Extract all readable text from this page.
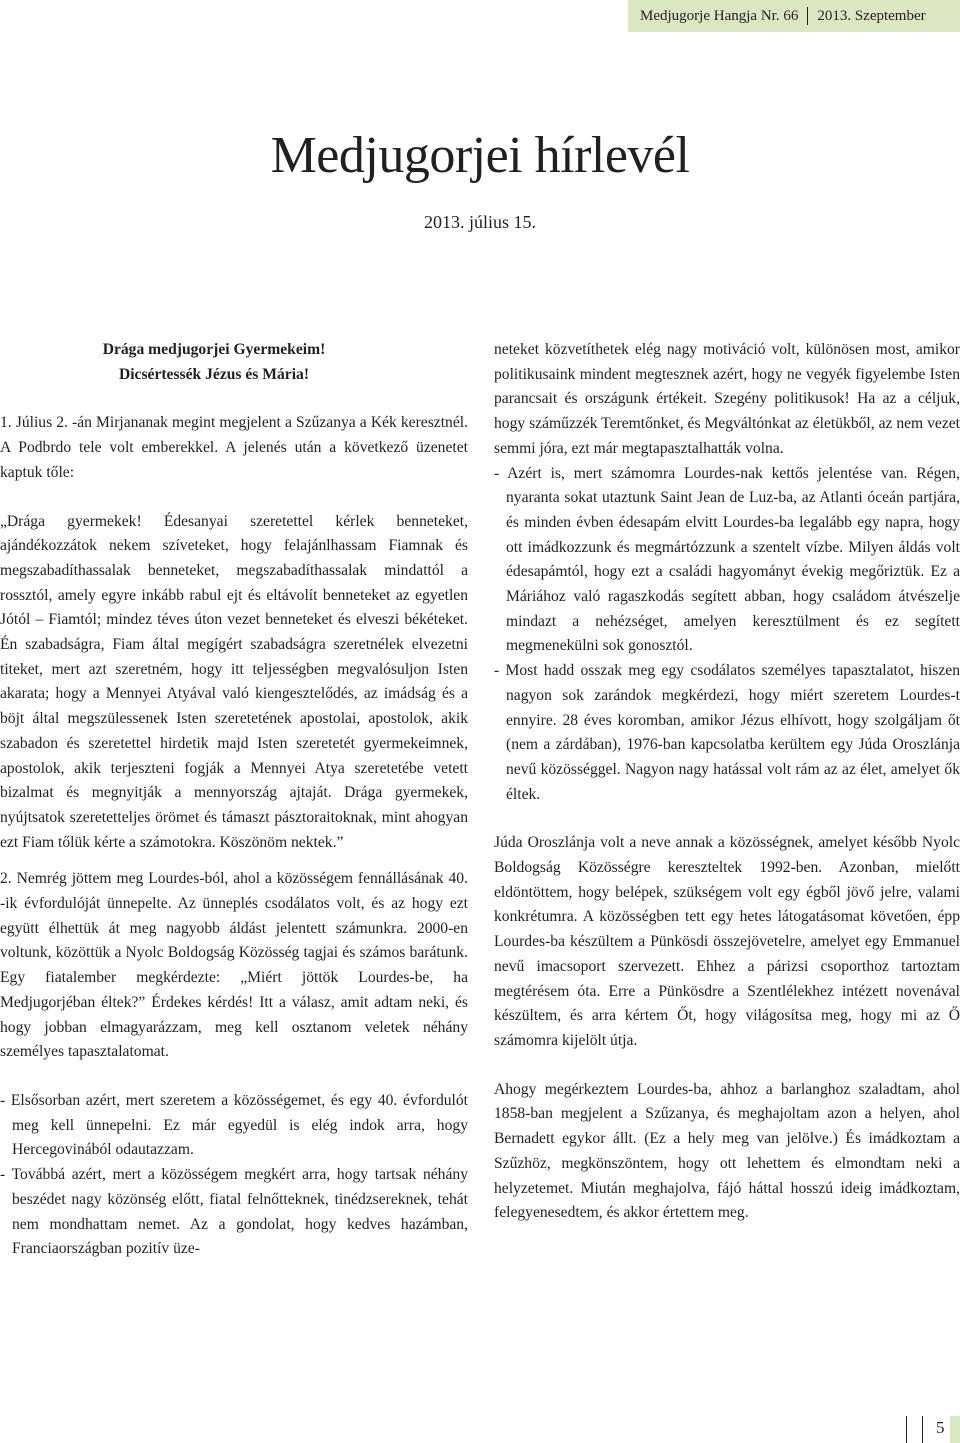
Medjugorje Hangja
Nr. 66 2013. Szeptember
Medjugorjei hírlevél
2013. július 15.

Drága medjugorjei Gyermekeim!

Dicsértessék Jézus és Mária!

1. Július 2. -án Mirjananak megint megjelent a Szűzanya a Kék keresztnél. A Podbrdo tele volt emberekkel. A jelenés után a következő üzenetet kaptuk tőle:

„Drága gyermekek! Édesanyai szeretettel kérlek benneteket, ajándékozzátok nekem szíveteket, hogy felajánlhassam Fiamnak és megszabadíthassalak benneteket, megszabadíthassalak mindattól a rossztól, amely egyre inkább rabul ejt és eltávolít benneteket az egyetlen Jótól – Fiamtól; mindez téves úton vezet benneteket és elveszi békéteket. Én szabadságra, Fiam által megígért szabadságra szeretnélek elvezetni titeket, mert azt szeretném, hogy itt teljességben megvalósuljon Isten akarata; hogy a Mennyei Atyával való kiengesztelődés, az imádság és a böjt által megszülessenek Isten szeretetének apostolai, apostolok, akik szabadon és szeretettel hirdetik majd Isten szeretetét gyermekeimnek, apostolok, akik terjeszteni fogják a Mennyei Atya szeretetébe vetett bizalmat és megnyitják a mennyország ajtaját. Drága gyermekek, nyújtsatok szeretetteljes örömet és támaszt pásztoraitoknak, mint ahogyan ezt Fiam tőlük kérte a számotokra. Köszönöm nektek.”

2. Nemrég jöttem meg Lourdes-ból, ahol a közösségem fennállásának 40. -ik évfordulóját ünnepelte. Az ünneplés csodálatos volt, és az hogy ezt együtt élhettük át meg nagyobb áldást jelentett számunkra. 2000-en voltunk, közöttük a Nyolc Boldogság Közösség tagjai és számos barátunk. Egy fiatalember megkérdezte: „Miért jöttök Lourdes-be, ha Medjugorjéban éltek?” Érdekes kérdés! Itt a válasz, amit adtam neki, és hogy jobban elmagyarázzam, meg kell osztanom veletek néhány személyes tapasztalatomat.

- Elsősorban azért, mert szeretem a közösségemet, és egy 40. évfordulót meg kell ünnepelni. Ez már egyedül is elég indok arra, hogy Hercegovinából odautazzam.

- Továbbá azért, mert a közösségem megkért arra, hogy tartsak néhány beszédet nagy közönség előtt, fiatal felnőtteknek, tinédzsereknek, tehát nem mondhattam nemet. Az a gondolat, hogy kedves hazámban, Franciaországban pozitív üze-

neteket közvetíthetek elég nagy motiváció volt, különösen most, amikor politikusaink mindent megtesznek azért, hogy ne vegyék figyelembe Isten parancsait és országunk értékeit. Szegény politikusok! Ha az a céljuk, hogy száműzzék Teremtőnket, és Megváltónkat az életükből, az nem vezet semmi jóra, ezt már megtapasztalhatták volna.

- Azért is, mert számomra Lourdes-nak kettős jelentése van. Régen, nyaranta sokat utaztunk Saint Jean de Luz-ba, az Atlanti óceán partjára, és minden évben édesapám elvitt Lourdes-ba legalább egy napra, hogy ott imádkozzunk és megmártózzunk a szentelt vízbe. Milyen áldás volt édesapámtól, hogy ezt a családi hagyományt évekig megőriztük. Ez a Máriához való ragaszkodás segített abban, hogy családom átvészelje mindazt a nehézséget, amelyen keresztülment és ez segített megmenekülni sok gonosztól.

- Most hadd osszak meg egy csodálatos személyes tapasztalatot, hiszen nagyon sok zarándok megkérdezi, hogy miért szeretem Lourdes-t ennyire. 28 éves koromban, amikor Jézus elhívott, hogy szolgáljam őt (nem a zárdában), 1976-ban kapcsolatba kerültem egy Júda Oroszlánja nevű közösséggel. Nagyon nagy hatással volt rám az az élet, amelyet ők éltek.

Júda Oroszlánja volt a neve annak a közösségnek, amelyet később Nyolc Boldogság Közösségre kereszteltek 1992-ben. Azonban, mielőtt eldöntöttem, hogy belépek, szükségem volt egy égből jövő jelre, valami konkrétumra. A közösségben tett egy hetes látogatásomat követően, épp Lourdes-ba készültem a Pünkösdi összejövetelre, amelyet egy Emmanuel nevű imacsoport szervezett. Ehhez a párizsi csoporthoz tartoztam megtérésem óta. Erre a Pünkösdre a Szentlélekhez intézett novenával készültem, és arra kértem Őt, hogy világosítsa meg, hogy mi az Ő számomra kijelölt útja.

Ahogy megérkeztem Lourdes-ba, ahhoz a barlanghoz szaladtam, ahol 1858-ban megjelent a Szűzanya, és meghajoltam azon a helyen, ahol Bernadett egykor állt. (Ez a hely meg van jelölve.) És imádkoztam a Szűzhöz, megkönszöntem, hogy ott lehettem és elmondtam neki a helyzetemet. Miután meghajolva, fájó háttal hosszú ideig imádkoztam, felegyenesedtem, és akkor értettem meg.

5
